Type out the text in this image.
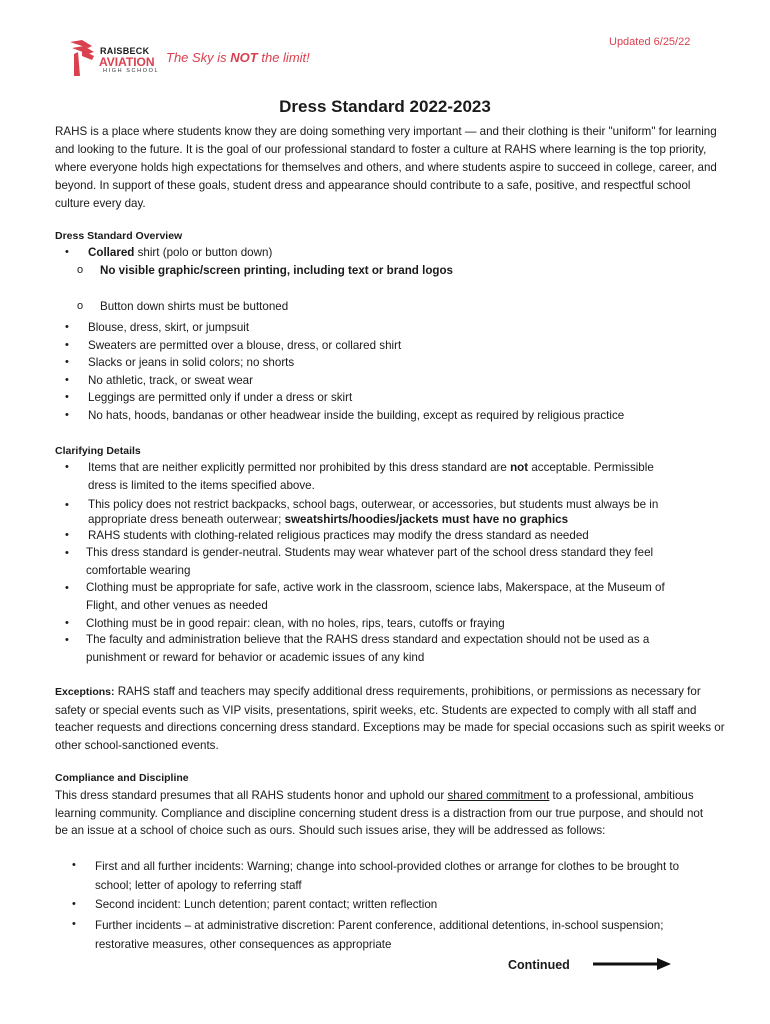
Updated 6/25/22
RAISBECK
AVIATION
HIGH SCHOOL
The Sky is NOT the limit!
Dress Standard 2022-2023
RAHS is a place where students know they are doing something very important — and their clothing is their "uniform" for learning and looking to the future. It is the goal of our professional standard to foster a culture at RAHS where learning is the top priority, where everyone holds high expectations for themselves and others, and where students aspire to succeed in college, career, and beyond. In support of these goals, student dress and appearance should contribute to a safe, positive, and respectful school culture every day.
Dress Standard Overview
• Collared shirt (polo or button down)
o No visible graphic/screen printing, including text or brand logos
o Button down shirts must be buttoned
• Blouse, dress, skirt, or jumpsuit
• Sweaters are permitted over a blouse, dress, or collared shirt
• Slacks or jeans in solid colors; no shorts
• No athletic, track, or sweat wear
• Leggings are permitted only if under a dress or skirt
• No hats, hoods, bandanas or other headwear inside the building, except as required by religious practice
Clarifying Details
• Items that are neither explicitly permitted nor prohibited by this dress standard are not acceptable. Permissible dress is limited to the items specified above.
• This policy does not restrict backpacks, school bags, outerwear, or accessories, but students must always be in appropriate dress beneath outerwear; sweatshirts/hoodies/jackets must have no graphics
• RAHS students with clothing-related religious practices may modify the dress standard as needed
• This dress standard is gender-neutral. Students may wear whatever part of the school dress standard they feel comfortable wearing
• Clothing must be appropriate for safe, active work in the classroom, science labs, Makerspace, at the Museum of Flight, and other venues as needed
• Clothing must be in good repair: clean, with no holes, rips, tears, cutoffs or fraying
• The faculty and administration believe that the RAHS dress standard and expectation should not be used as a punishment or reward for behavior or academic issues of any kind
Exceptions: RAHS staff and teachers may specify additional dress requirements, prohibitions, or permissions as necessary for safety or special events such as VIP visits, presentations, spirit weeks, etc. Students are expected to comply with all staff and teacher requests and directions concerning dress standard. Exceptions may be made for special occasions such as spirit weeks or other school-sanctioned events.
Compliance and Discipline
This dress standard presumes that all RAHS students honor and uphold our shared commitment to a professional, ambitious learning community. Compliance and discipline concerning student dress is a distraction from our true purpose, and should not be an issue at a school of choice such as ours. Should such issues arise, they will be addressed as follows:
• First and all further incidents: Warning; change into school-provided clothes or arrange for clothes to be brought to school; letter of apology to referring staff
• Second incident: Lunch detention; parent contact; written reflection
• Further incidents – at administrative discretion: Parent conference, additional detentions, in-school suspension; restorative measures, other consequences as appropriate
Continued
